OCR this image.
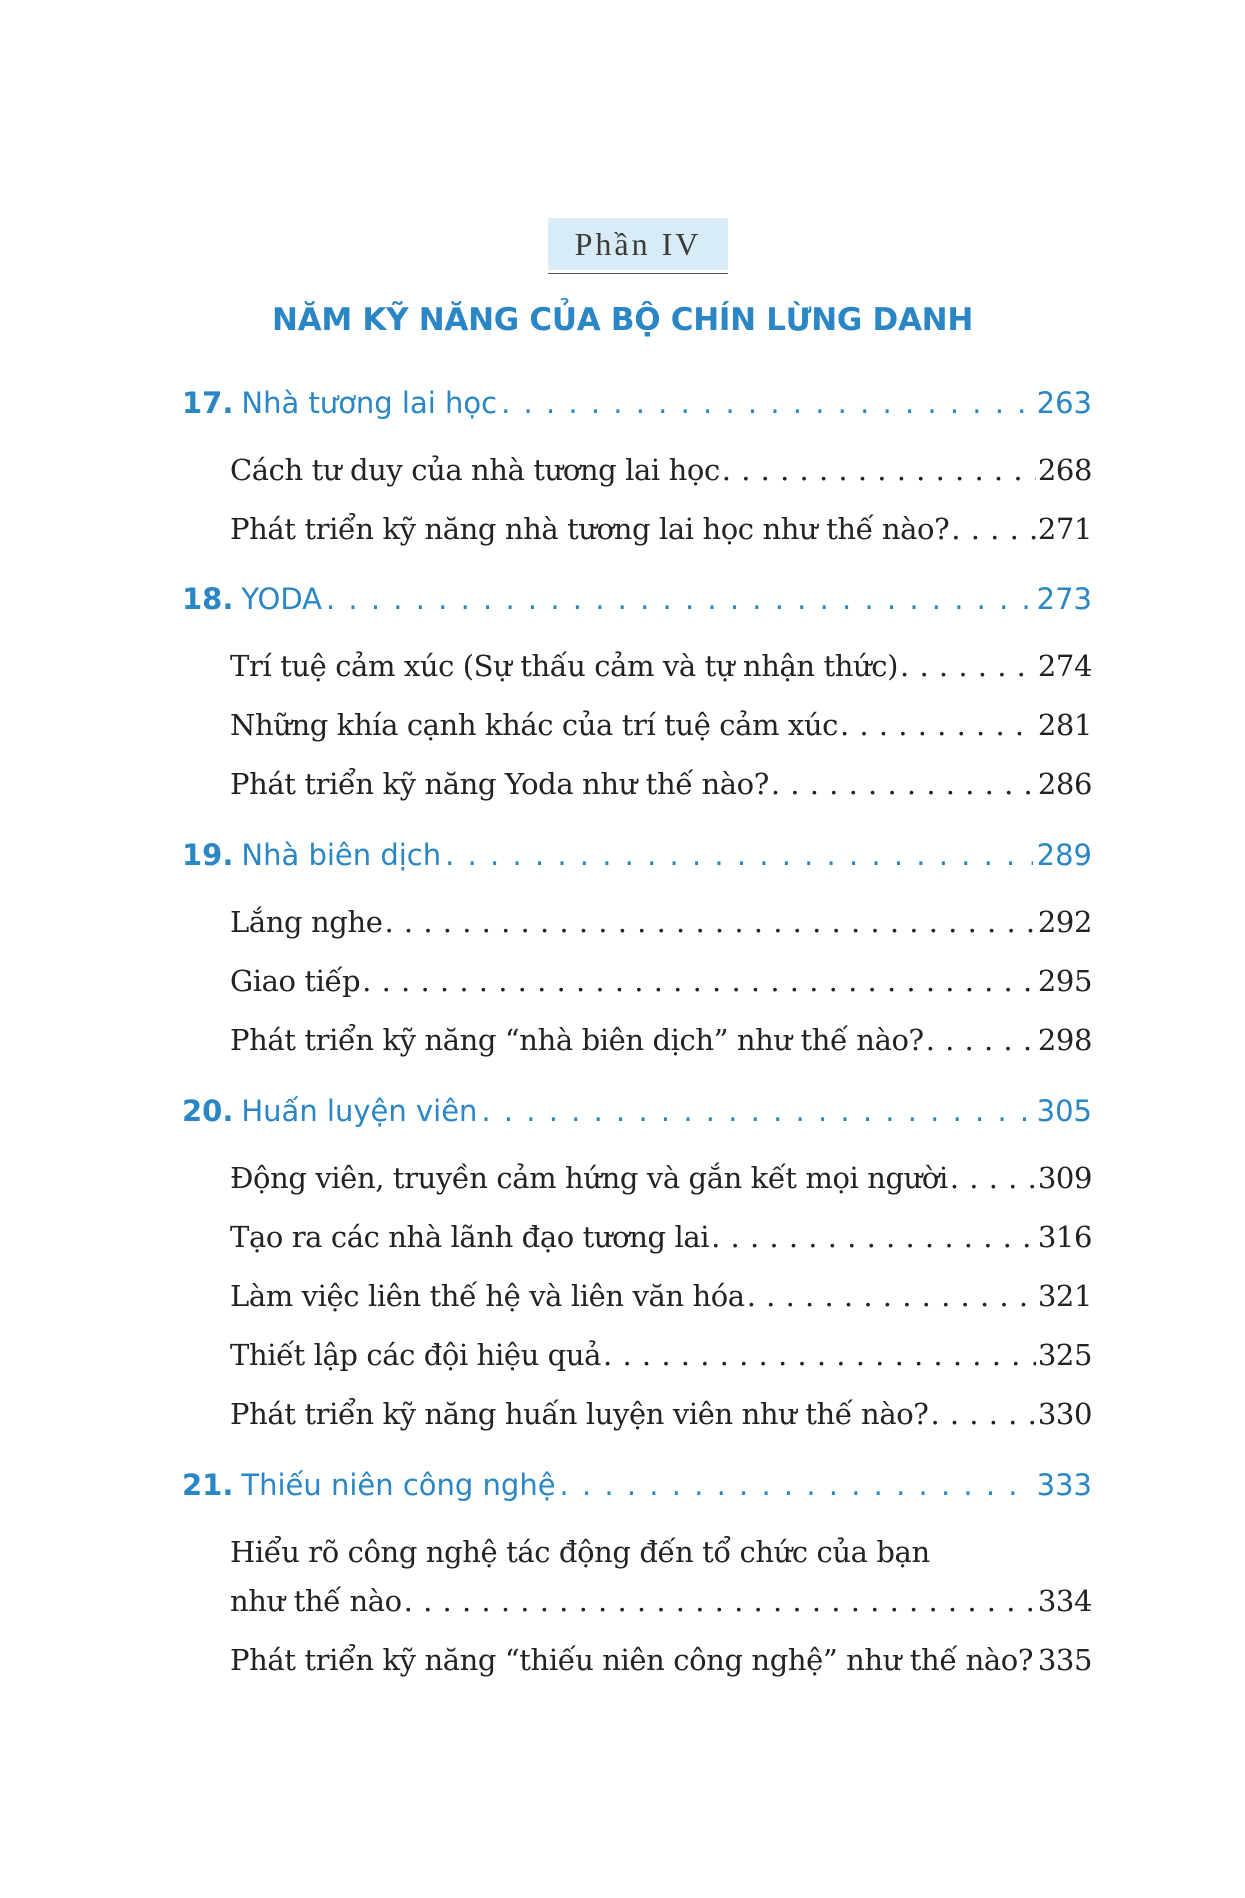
Phần IV
NĂM KỸ NĂNG CỦA BỘ CHÍN LỪNG DANH
17. Nhà tương lai học . . .	263
Cách tư duy của nhà tương lai học . . .	268
Phát triển kỹ năng nhà tương lai học như thế nào? . . .	271
18. YODA . . .	273
Trí tuệ cảm xúc (Sự thấu cảm và tự nhận thức) . . .	274
Những khía cạnh khác của trí tuệ cảm xúc . . .	281
Phát triển kỹ năng Yoda như thế nào? . . .	286
19. Nhà biên dịch . . .	289
Lắng nghe . . .	292
Giao tiếp . . .	295
Phát triển kỹ năng “nhà biên dịch” như thế nào? . . .	298
20. Huấn luyện viên . . .	305
Động viên, truyền cảm hứng và gắn kết mọi người . . .	309
Tạo ra các nhà lãnh đạo tương lai . . .	316
Làm việc liên thế hệ và liên văn hóa . . .	321
Thiết lập các đội hiệu quả . . .	325
Phát triển kỹ năng huấn luyện viên như thế nào? . . .	330
21. Thiếu niên công nghệ . . .	333
Hiểu rõ công nghệ tác động đến tổ chức của bạn
như thế nào . . .	334
Phát triển kỹ năng “thiếu niên công nghệ” như thế nào? . . . 335
